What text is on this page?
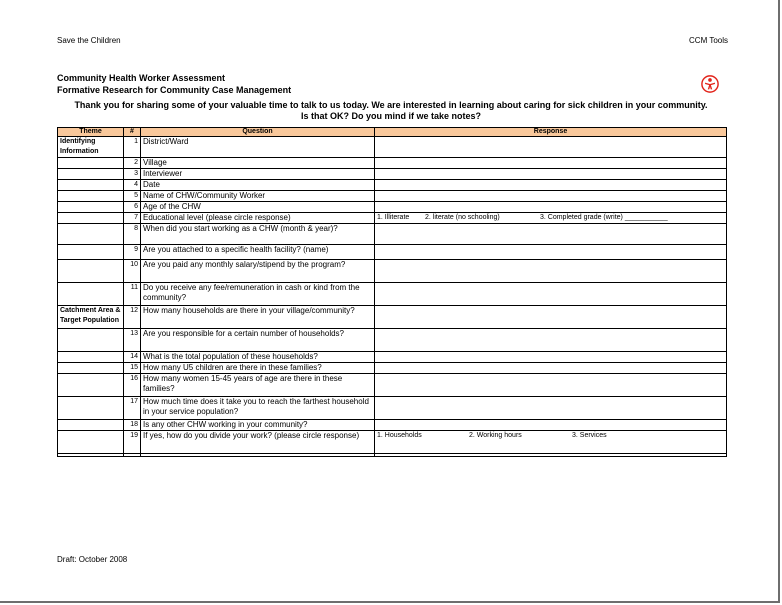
Save the Children	CCM Tools
Community Health Worker Assessment
Formative Research for Community Case Management
Thank you for sharing some of your valuable time to talk to us today. We are interested in learning about caring for sick children in your community.
Is that OK? Do you mind if we take notes?
Theme	#	Question	Response
Identifying Information	1	District/Ward	
	2	Village	
	3	Interviewer	
	4	Date	
	5	Name of CHW/Community Worker	
	6	Age of the CHW	
	7	Educational level (please circle response)	1. Illiterate 2. literate (no schooling) 3. Completed grade (write) ___________

	8	When did you start working as a CHW (month & year)?	
	9	Are you attached to a specific health facility? (name)	
	10	Are you paid any monthly salary/stipend by the program?	
	11	Do you receive any fee/remuneration in cash or kind from the community?	
Catchment Area & Target Population	12	How many households are there in your village/community?	
	13	Are you responsible for a certain number of households?	
	14	What is the total population of these households?	
	15	How many U5 children are there in these families?	
	16	How many women 15-45 years of age are there in these families?	
	17	How much time does it take you to reach the farthest household in your service population?	
	18	Is any other CHW working in your community?	
	19	If yes, how do you divide your work? (please circle response)	1. Households 2. Working hours 3. Services

Draft: October 2008
